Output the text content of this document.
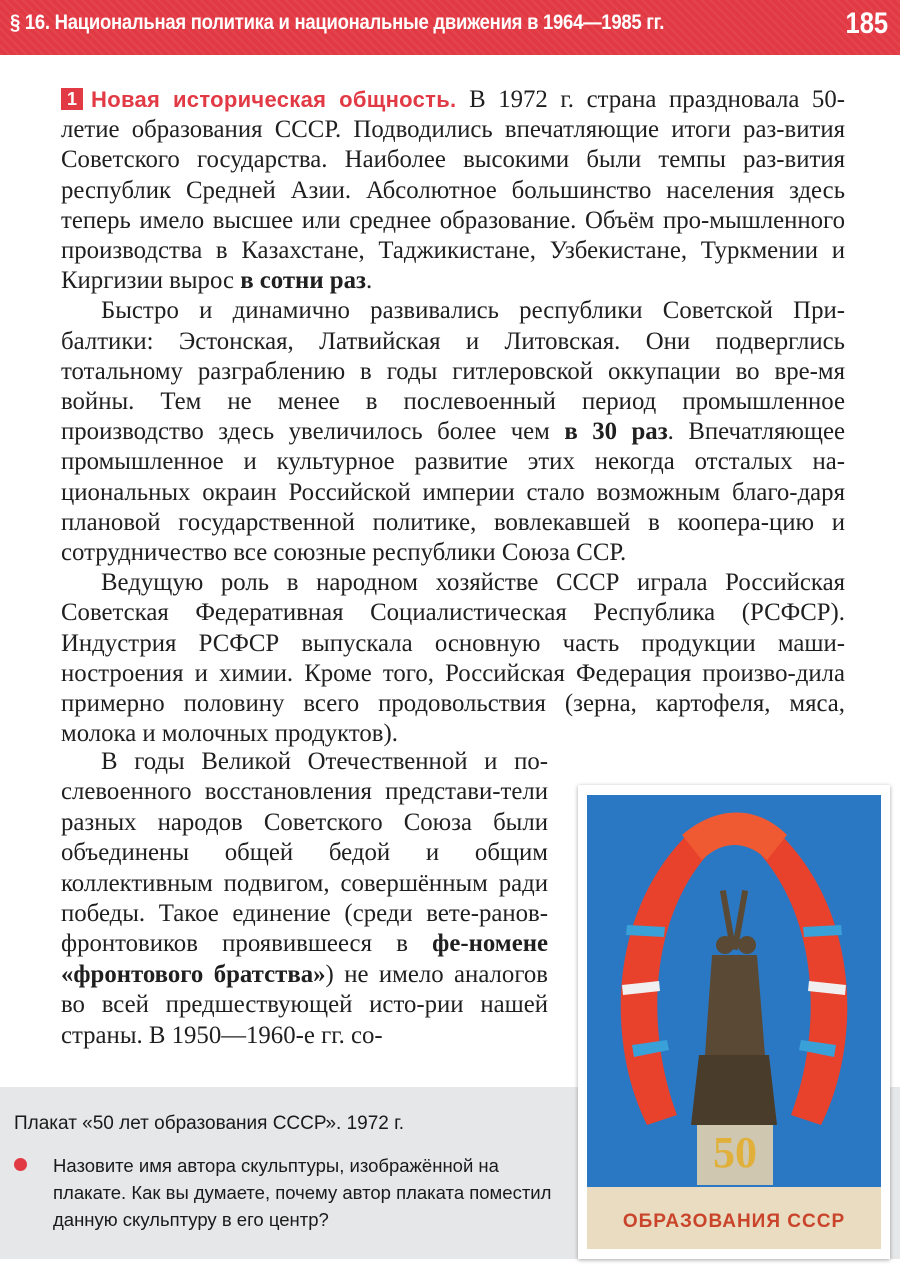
§ 16. Национальная политика и национальные движения в 1964—1985 гг.	185

1 Новая историческая общность. В 1972 г. страна праздновала 50-летие образования СССР. Подводились впечатляющие итоги раз-вития Советского государства. Наиболее высокими были темпы раз-вития республик Средней Азии. Абсолютное большинство населения здесь теперь имело высшее или среднее образование. Объём про-мышленного производства в Казахстане, Таджикистане, Узбекистане, Туркмении и Киргизии вырос в сотни раз.

Быстро и динамично развивались республики Советской При-балтики: Эстонская, Латвийская и Литовская. Они подверглись тотальному разграблению в годы гитлеровской оккупации во вре-мя войны. Тем не менее в послевоенный период промышленное производство здесь увеличилось более чем в 30 раз. Впечатляющее промышленное и культурное развитие этих некогда отсталых на-циональных окраин Российской империи стало возможным благо-даря плановой государственной политике, вовлекавшей в коопера-цию и сотрудничество все союзные республики Союза ССР.

Ведущую роль в народном хозяйстве СССР играла Российская Советская Федеративная Социалистическая Республика (РСФСР). Индустрия РСФСР выпускала основную часть продукции маши-ностроения и химии. Кроме того, Российская Федерация произво-дила примерно половину всего продовольствия (зерна, картофеля, мяса, молока и молочных продуктов).

В годы Великой Отечественной и по-слевоенного восстановления представи-тели разных народов Советского Союза были объединены общей бедой и общим коллективным подвигом, совершённым ради победы. Такое единение (среди вете-ранов-фронтовиков проявившееся в фе-номене «фронтового братства») не имело аналогов во всей предшествующей исто-рии нашей страны. В 1950—1960-е гг. со-

Плакат «50 лет образования СССР». 1972 г.
Назовите имя автора скульптуры, изображённой на плакате. Как вы думаете, почему автор плаката поместил данную скульптуру в его центр?
50
ОБРАЗОВАНИЯ СССР
